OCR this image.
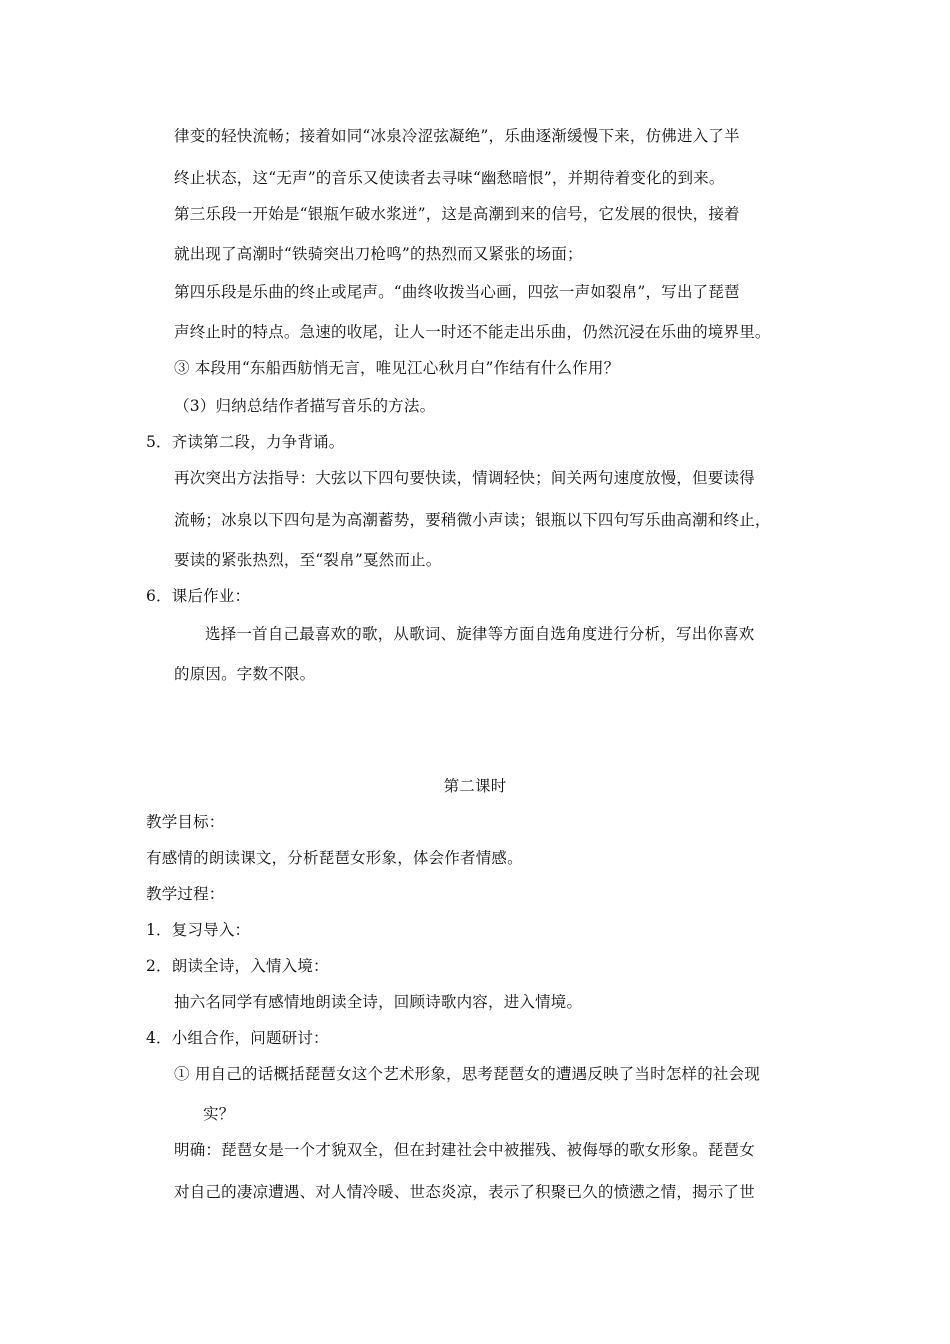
律变的轻快流畅；接着如同“冰泉冷涩弦凝绝”，乐曲逐渐缓慢下来，仿佛进入了半
终止状态，这“无声”的音乐又使读者去寻味“幽愁暗恨”，并期待着变化的到来。
第三乐段一开始是“银瓶乍破水浆迸”，这是高潮到来的信号，它发展的很快，接着
就出现了高潮时“铁骑突出刀枪鸣”的热烈而又紧张的场面；
第四乐段是乐曲的终止或尾声。“曲终收拨当心画，四弦一声如裂帛”，写出了琵琶
声终止时的特点。急速的收尾，让人一时还不能走出乐曲，仍然沉浸在乐曲的境界里。
③ 本段用“东船西舫悄无言，唯见江心秋月白”作结有什么作用？
（3）归纳总结作者描写音乐的方法。
5．齐读第二段，力争背诵。
再次突出方法指导：大弦以下四句要快读，情调轻快；间关两句速度放慢，但要读得
流畅；冰泉以下四句是为高潮蓄势，要稍微小声读；银瓶以下四句写乐曲高潮和终止，
要读的紧张热烈，至“裂帛”戛然而止。
6．课后作业：
选择一首自己最喜欢的歌，从歌词、旋律等方面自选角度进行分析，写出你喜欢
的原因。字数不限。
第二课时
教学目标：
有感情的朗读课文，分析琵琶女形象，体会作者情感。
教学过程：
1．复习导入：
2．朗读全诗，入情入境：
抽六名同学有感情地朗读全诗，回顾诗歌内容，进入情境。
4．小组合作，问题研讨：
① 用自己的话概括琵琶女这个艺术形象，思考琵琶女的遭遇反映了当时怎样的社会现
实？
明确：琵琶女是一个才貌双全，但在封建社会中被摧残、被侮辱的歌女形象。琵琶女
对自己的凄凉遭遇、对人情冷暖、世态炎凉，表示了积聚已久的愤懑之情，揭示了世
